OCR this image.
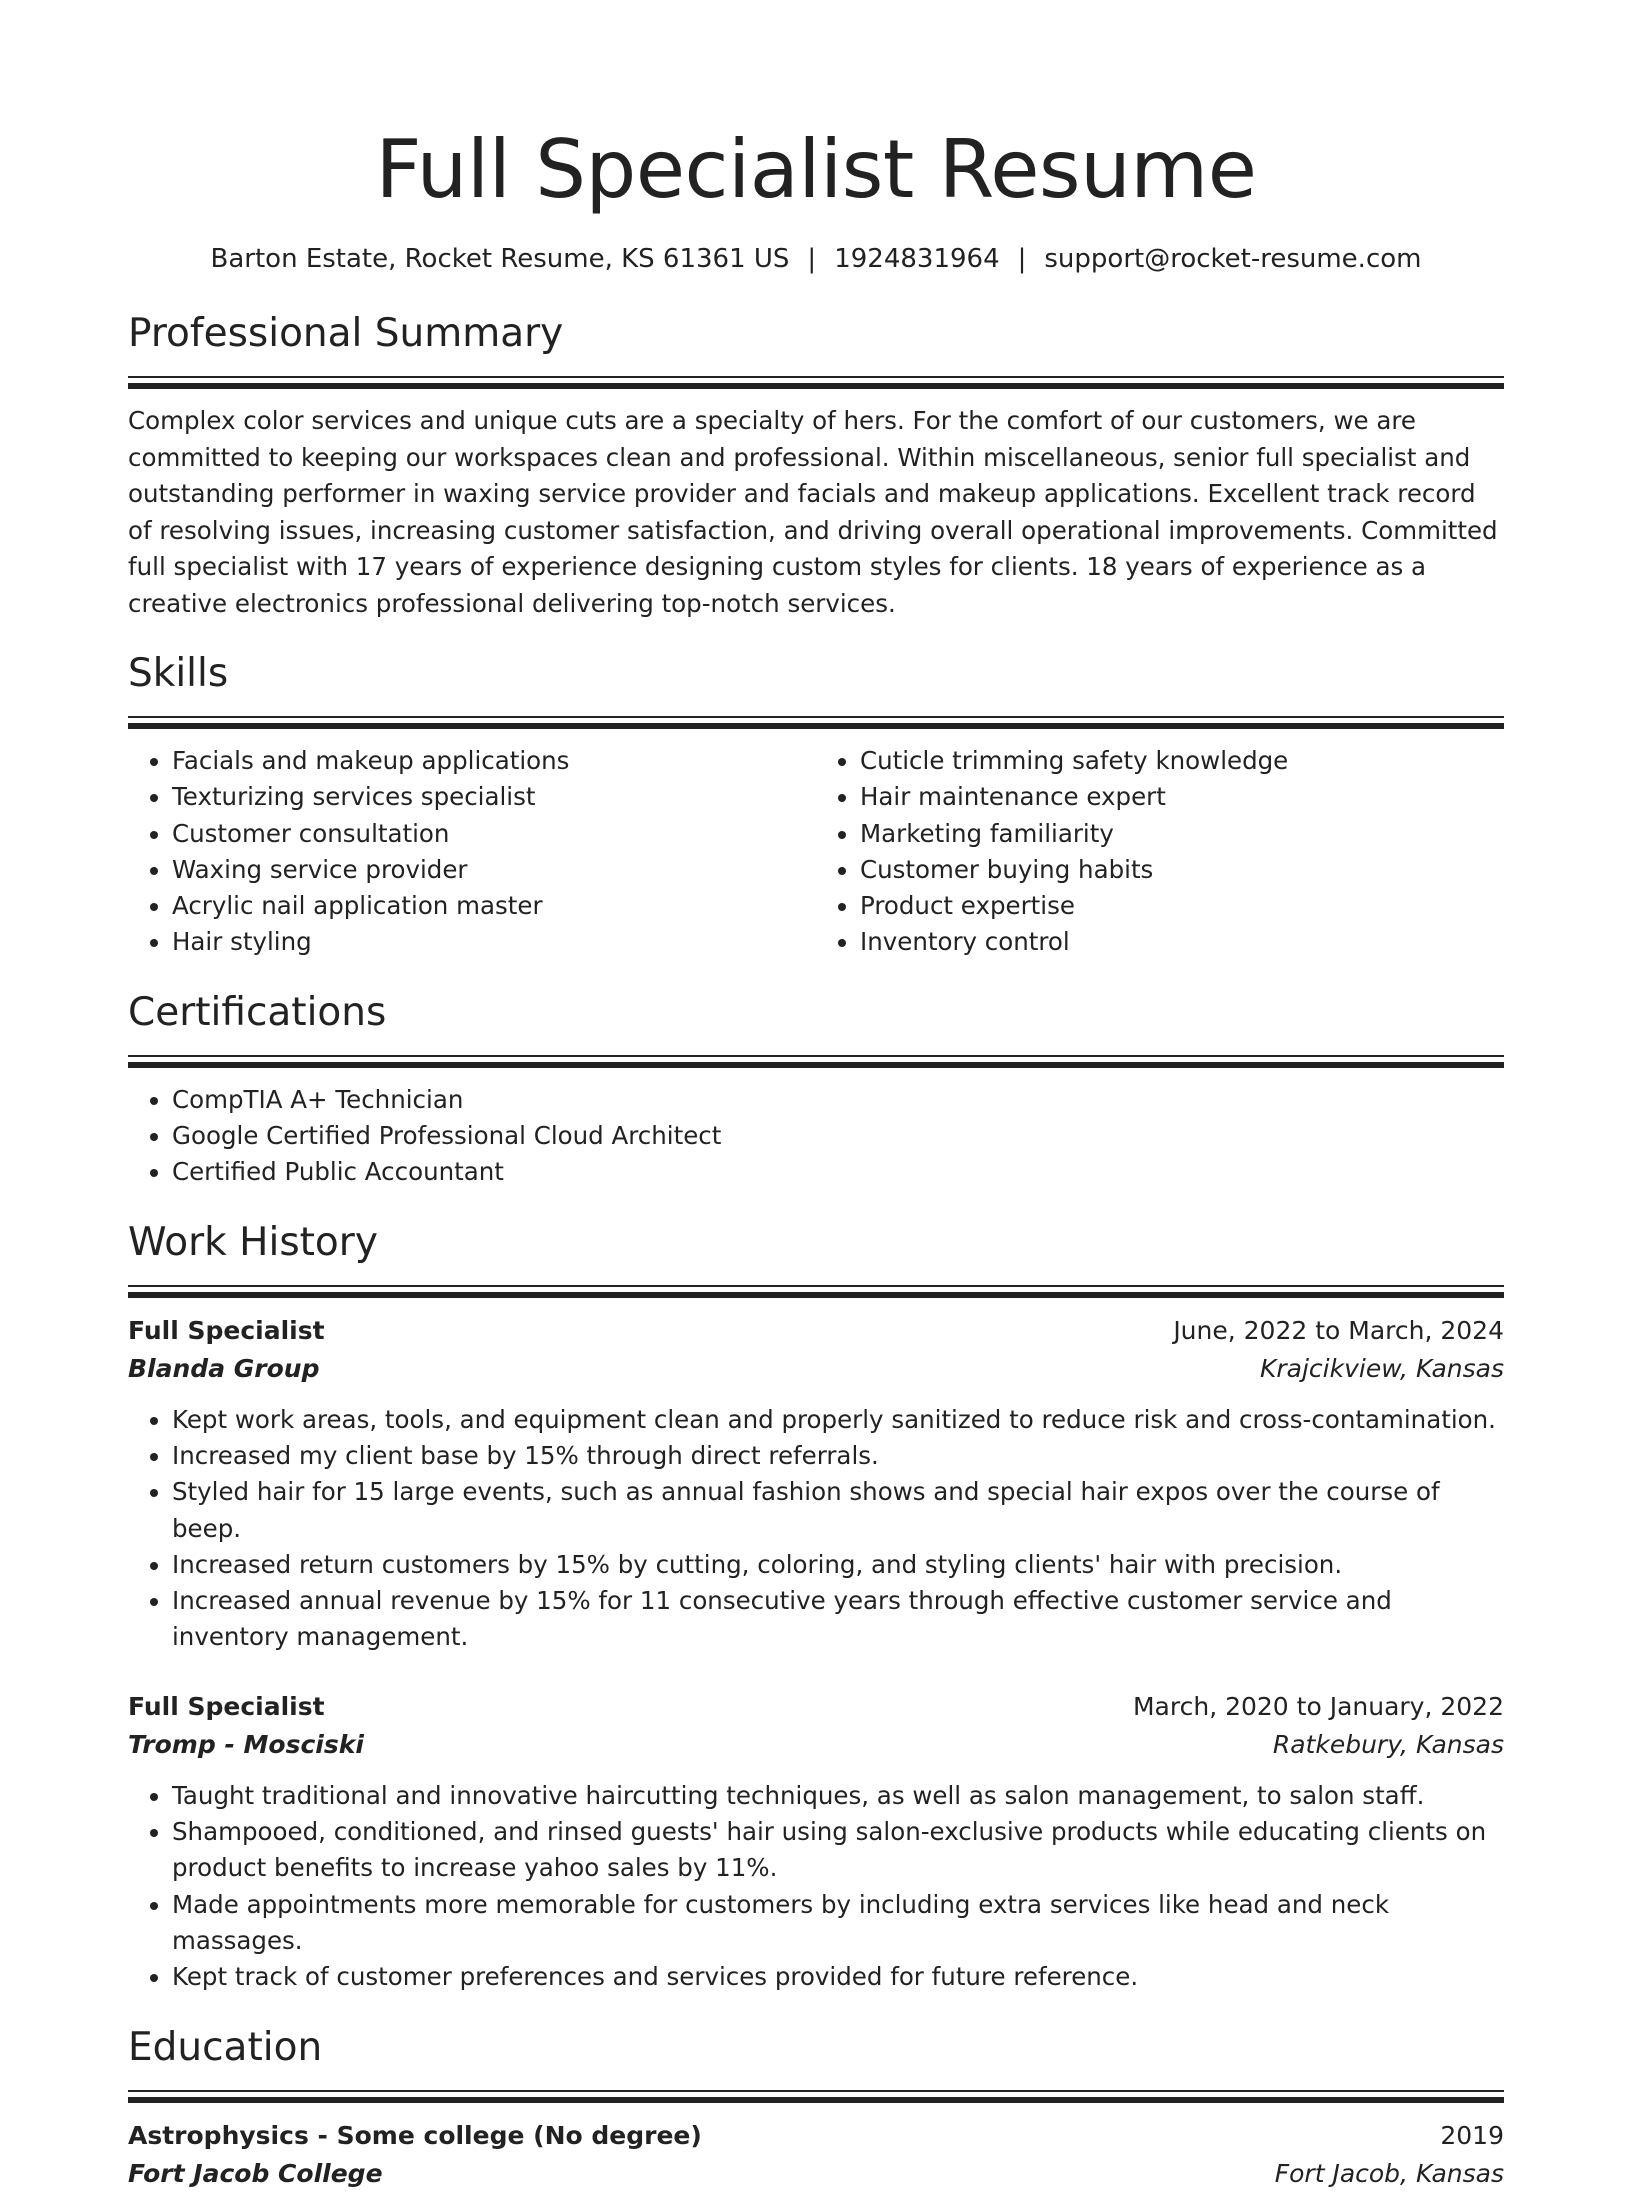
Full Specialist Resume
Barton Estate, Rocket Resume, KS 61361 US | 1924831964 | support@rocket-resume.com
Professional Summary

Complex color services and unique cuts are a specialty of hers. For the comfort of our customers, we are committed to keeping our workspaces clean and professional. Within miscellaneous, senior full specialist and outstanding performer in waxing service provider and facials and makeup applications. Excellent track record of resolving issues, increasing customer satisfaction, and driving overall operational improvements. Committed full specialist with 17 years of experience designing custom styles for clients. 18 years of experience as a creative electronics professional delivering top-notch services.

Skills
• Facials and makeup applications
• Texturizing services specialist
• Customer consultation
• Waxing service provider
• Acrylic nail application master
• Hair styling
• Cuticle trimming safety knowledge
• Hair maintenance expert
• Marketing familiarity
• Customer buying habits
• Product expertise
• Inventory control
Certifications
• CompTIA A+ Technician
• Google Certified Professional Cloud Architect
• Certified Public Accountant
Work History
Full Specialist	June, 2022 to March, 2024
Blanda Group	Krajcikview, Kansas
• Kept work areas, tools, and equipment clean and properly sanitized to reduce risk and cross-contamination.
• Increased my client base by 15% through direct referrals.
• Styled hair for 15 large events, such as annual fashion shows and special hair expos over the course of beep.
• Increased return customers by 15% by cutting, coloring, and styling clients' hair with precision.
• Increased annual revenue by 15% for 11 consecutive years through effective customer service and inventory management.
Full Specialist	March, 2020 to January, 2022
Tromp - Mosciski	Ratkebury, Kansas
• Taught traditional and innovative haircutting techniques, as well as salon management, to salon staff.
• Shampooed, conditioned, and rinsed guests' hair using salon-exclusive products while educating clients on product benefits to increase yahoo sales by 11%.
• Made appointments more memorable for customers by including extra services like head and neck massages.
• Kept track of customer preferences and services provided for future reference.
Education
Astrophysics - Some college (No degree)	2019
Fort Jacob College	Fort Jacob, Kansas
